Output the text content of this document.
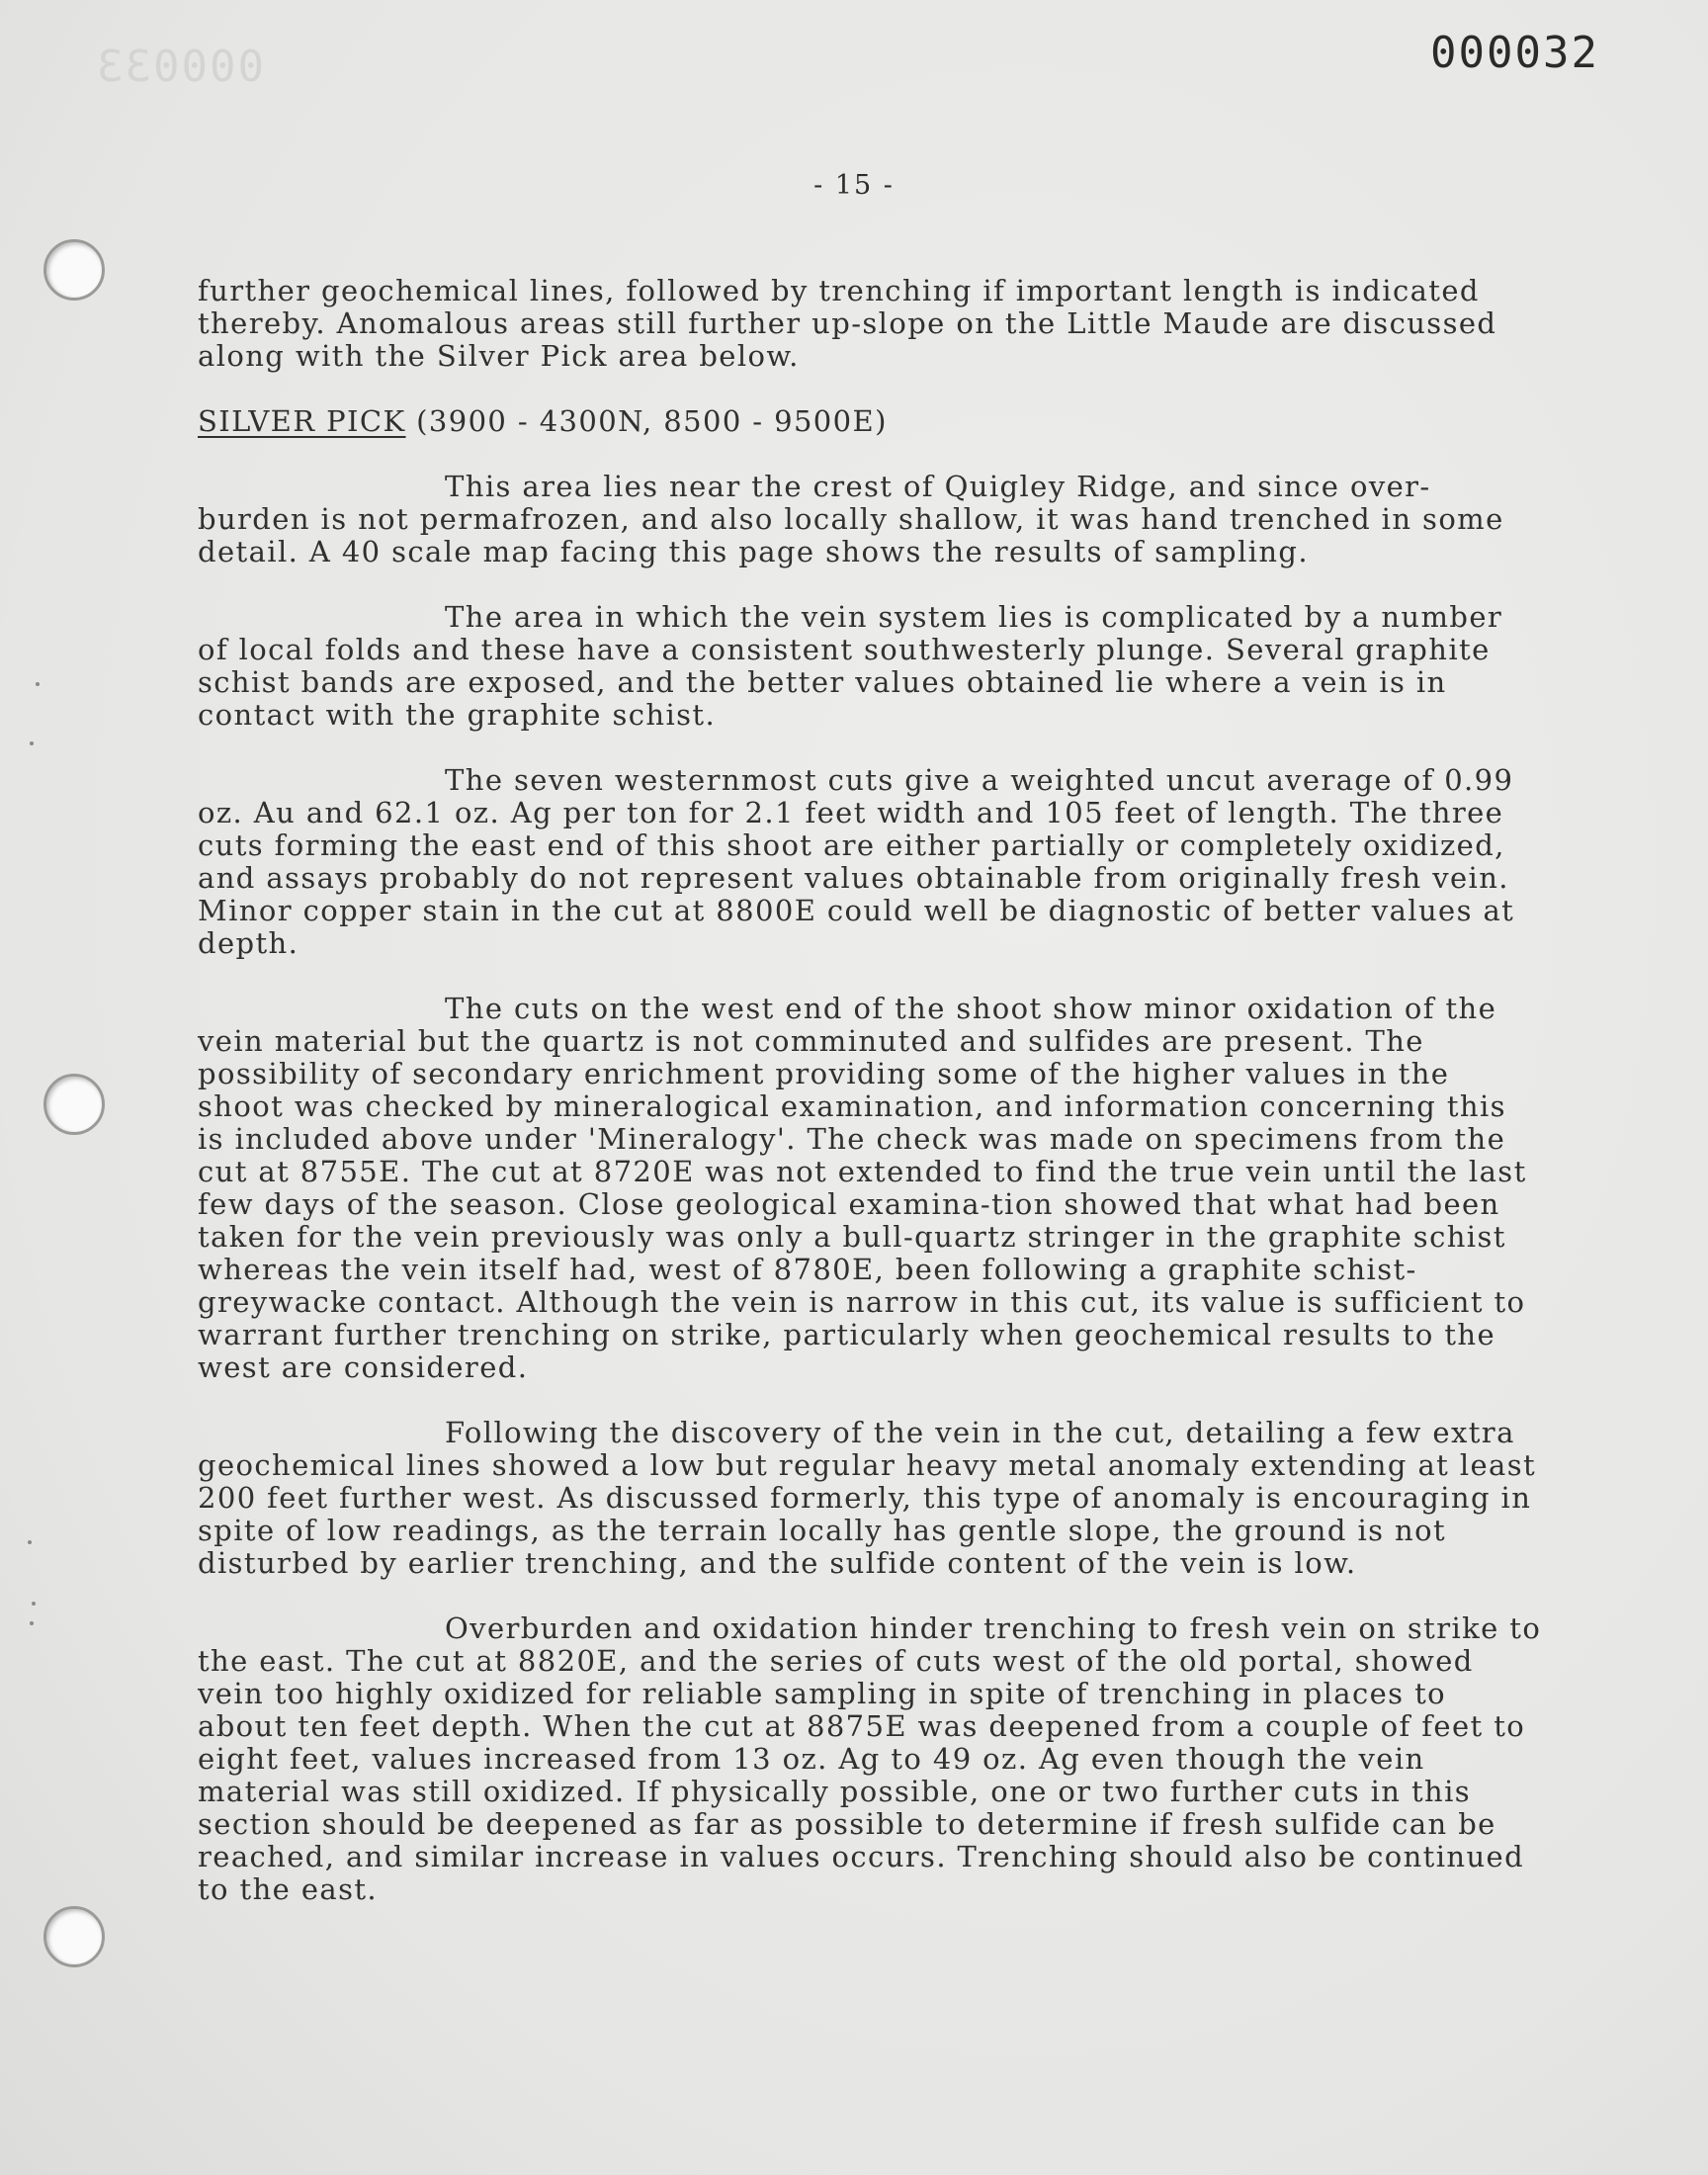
000033	000032
- 15 -

further geochemical lines, followed by trenching if important length is indicated thereby. Anomalous areas still further up-slope on the Little Maude are discussed along with the Silver Pick area below.

SILVER PICK (3900 - 4300N, 8500 - 9500E)

This area lies near the crest of Quigley Ridge, and since over-burden is not permafrozen, and also locally shallow, it was hand trenched in some detail. A 40 scale map facing this page shows the results of sampling.

The area in which the vein system lies is complicated by a number of local folds and these have a consistent southwesterly plunge. Several graphite schist bands are exposed, and the better values obtained lie where a vein is in contact with the graphite schist.

The seven westernmost cuts give a weighted uncut average of 0.99 oz. Au and 62.1 oz. Ag per ton for 2.1 feet width and 105 feet of length. The three cuts forming the east end of this shoot are either partially or completely oxidized, and assays probably do not represent values obtainable from originally fresh vein. Minor copper stain in the cut at 8800E could well be diagnostic of better values at depth.

The cuts on the west end of the shoot show minor oxidation of the vein material but the quartz is not comminuted and sulfides are present. The possibility of secondary enrichment providing some of the higher values in the shoot was checked by mineralogical examination, and information concerning this is included above under 'Mineralogy'. The check was made on specimens from the cut at 8755E. The cut at 8720E was not extended to find the true vein until the last few days of the season. Close geological examina-tion showed that what had been taken for the vein previously was only a bull-quartz stringer in the graphite schist whereas the vein itself had, west of 8780E, been following a graphite schist-greywacke contact. Although the vein is narrow in this cut, its value is sufficient to warrant further trenching on strike, particularly when geochemical results to the west are considered.

Following the discovery of the vein in the cut, detailing a few extra geochemical lines showed a low but regular heavy metal anomaly extending at least 200 feet further west. As discussed formerly, this type of anomaly is encouraging in spite of low readings, as the terrain locally has gentle slope, the ground is not disturbed by earlier trenching, and the sulfide content of the vein is low.

Overburden and oxidation hinder trenching to fresh vein on strike to the east. The cut at 8820E, and the series of cuts west of the old portal, showed vein too highly oxidized for reliable sampling in spite of trenching in places to about ten feet depth. When the cut at 8875E was deepened from a couple of feet to eight feet, values increased from 13 oz. Ag to 49 oz. Ag even though the vein material was still oxidized. If physically possible, one or two further cuts in this section should be deepened as far as possible to determine if fresh sulfide can be reached, and similar increase in values occurs. Trenching should also be continued to the east.
